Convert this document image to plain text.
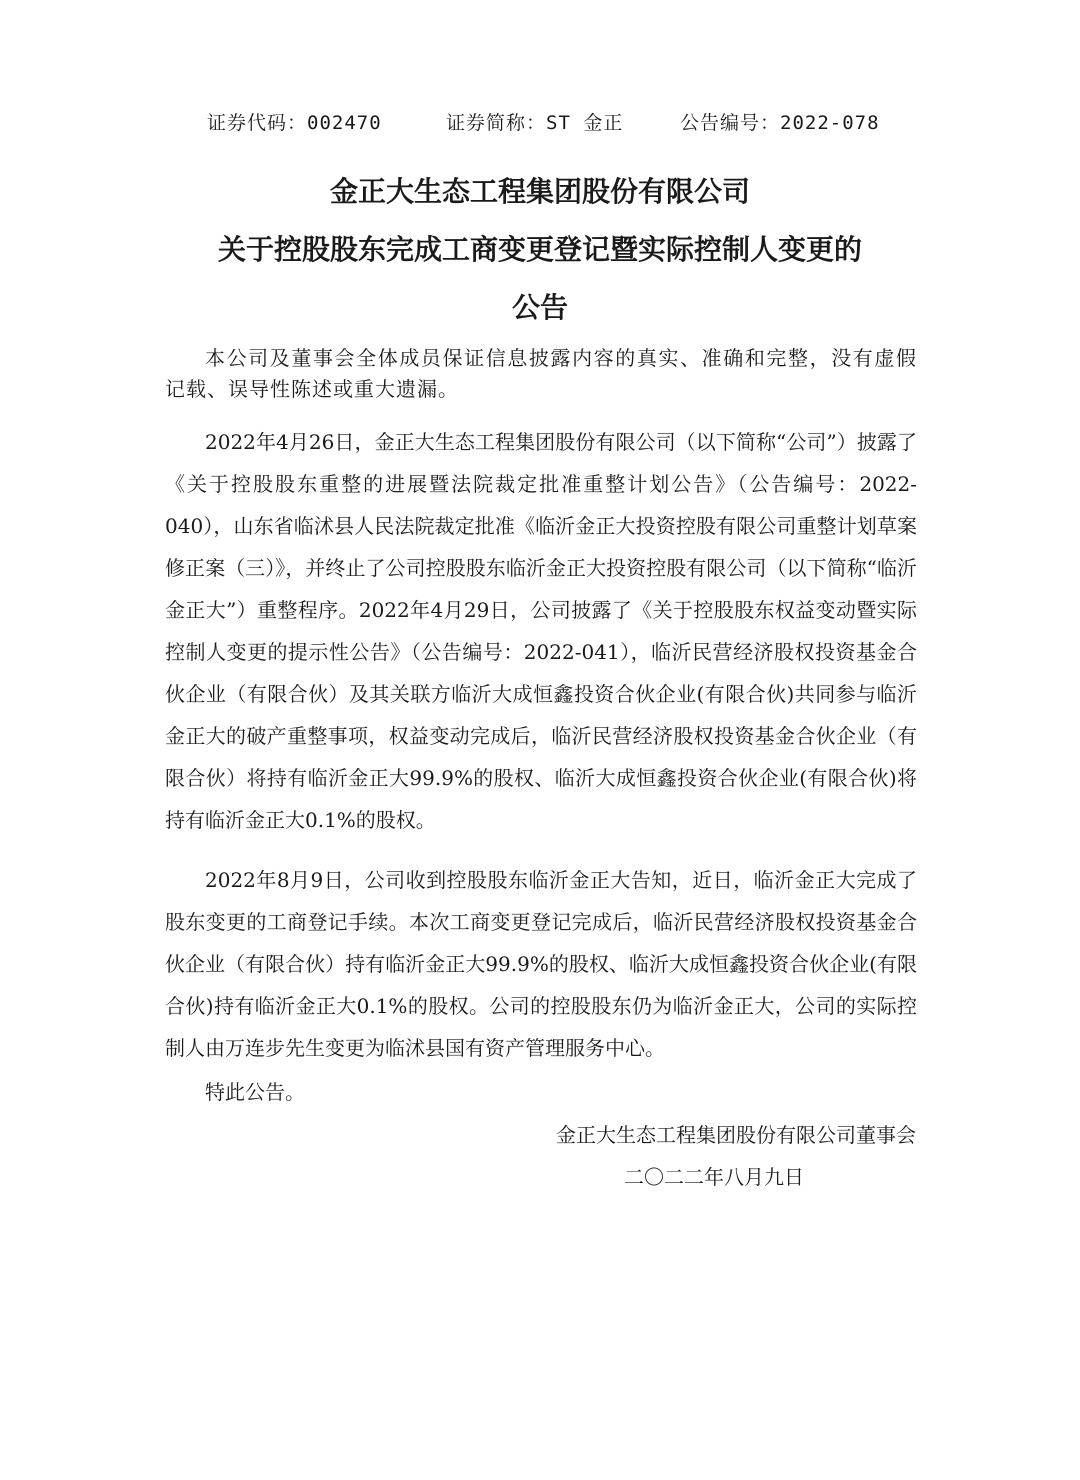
证券代码：002470	证券简称：ST 金正	公告编号：2022-078
金正大生态工程集团股份有限公司
关于控股股东完成工商变更登记暨实际控制人变更的
公告
本公司及董事会全体成员保证信息披露内容的真实、准确和完整，没有虚假记载、误导性陈述或重大遗漏。
2022年4月26日，金正大生态工程集团股份有限公司（以下简称“公司”）披露了《关于控股股东重整的进展暨法院裁定批准重整计划公告》（公告编号：2022-040），山东省临沭县人民法院裁定批准《临沂金正大投资控股有限公司重整计划草案修正案（三）》，并终止了公司控股股东临沂金正大投资控股有限公司（以下简称“临沂金正大”）重整程序。2022年4月29日，公司披露了《关于控股股东权益变动暨实际控制人变更的提示性公告》（公告编号：2022-041），临沂民营经济股权投资基金合伙企业（有限合伙）及其关联方临沂大成恒鑫投资合伙企业(有限合伙)共同参与临沂金正大的破产重整事项，权益变动完成后，临沂民营经济股权投资基金合伙企业（有限合伙）将持有临沂金正大99.9%的股权、临沂大成恒鑫投资合伙企业(有限合伙)将持有临沂金正大0.1%的股权。
2022年8月9日，公司收到控股股东临沂金正大告知，近日，临沂金正大完成了股东变更的工商登记手续。本次工商变更登记完成后，临沂民营经济股权投资基金合伙企业（有限合伙）持有临沂金正大99.9%的股权、临沂大成恒鑫投资合伙企业(有限合伙)持有临沂金正大0.1%的股权。公司的控股股东仍为临沂金正大，公司的实际控制人由万连步先生变更为临沭县国有资产管理服务中心。
特此公告。
金正大生态工程集团股份有限公司董事会
二〇二二年八月九日
